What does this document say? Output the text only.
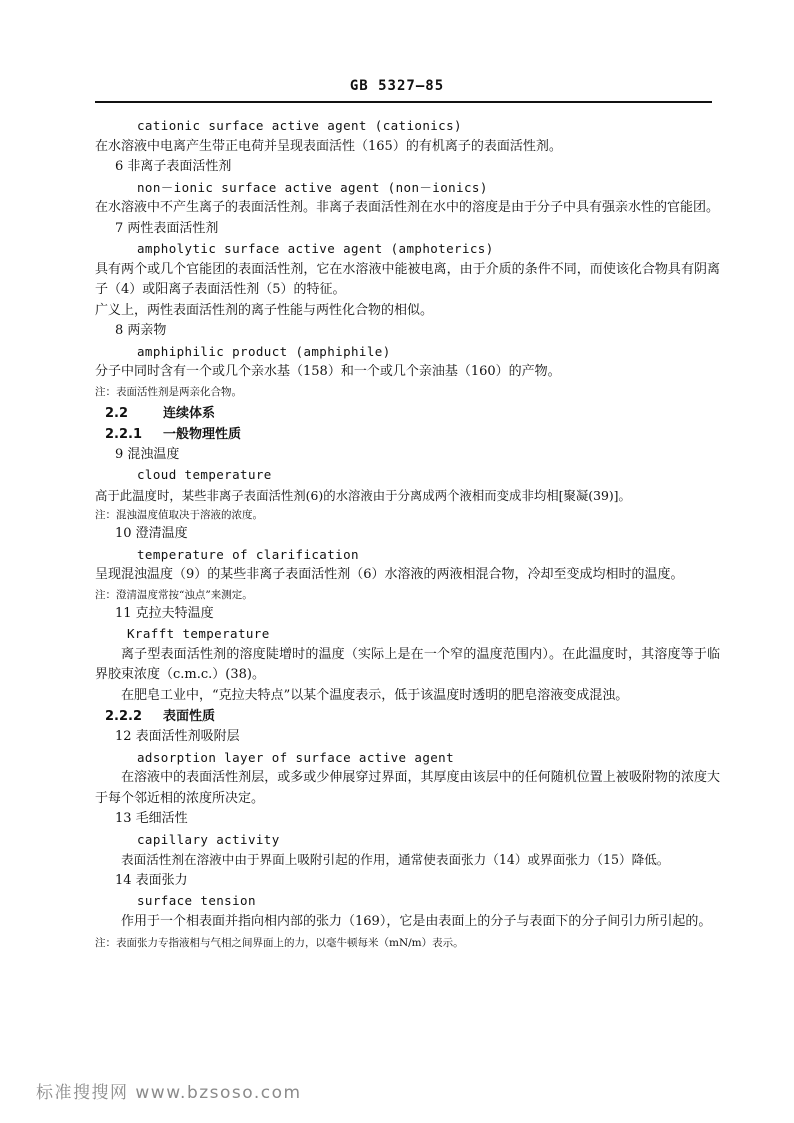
GB 5327—85
cationic surface active agent (cationics)
在水溶液中电离产生带正电荷并呈现表面活性（165）的有机离子的表面活性剂。
6 非离子表面活性剂
non－ionic surface active agent (non－ionics)
在水溶液中不产生离子的表面活性剂。非离子表面活性剂在水中的溶度是由于分子中具有强亲水性的官能团。
7 两性表面活性剂
ampholytic surface active agent (amphoterics)
具有两个或几个官能团的表面活性剂，它在水溶液中能被电离，由于介质的条件不同，而使该化合物具有阴离子（4）或阳离子表面活性剂（5）的特征。
广义上，两性表面活性剂的离子性能与两性化合物的相似。
8 两亲物
amphiphilic product (amphiphile)
分子中同时含有一个或几个亲水基（158）和一个或几个亲油基（160）的产物。
注：表面活性剂是两亲化合物。
2.2	连续体系
2.2.1 一般物理性质
9 混浊温度
cloud temperature
高于此温度时，某些非离子表面活性剂(6)的水溶液由于分离成两个液相而变成非均相[聚凝(39)]。
注：混浊温度值取决于溶液的浓度。
10 澄清温度
temperature of clarification
呈现混浊温度（9）的某些非离子表面活性剂（6）水溶液的两液相混合物，冷却至变成均相时的温度。
注：澄清温度常按“浊点”来测定。
11 克拉夫特温度
Krafft temperature
离子型表面活性剂的溶度陡增时的温度（实际上是在一个窄的温度范围内）。在此温度时，其溶度等于临界胶束浓度（c.m.c.）(38)。
在肥皂工业中，“克拉夫特点”以某个温度表示，低于该温度时透明的肥皂溶液变成混浊。
2.2.2 表面性质
12 表面活性剂吸附层
adsorption layer of surface active agent
在溶液中的表面活性剂层，或多或少伸展穿过界面，其厚度由该层中的任何随机位置上被吸附物的浓度大于每个邻近相的浓度所决定。
13 毛细活性
capillary activity
表面活性剂在溶液中由于界面上吸附引起的作用，通常使表面张力（14）或界面张力（15）降低。
14 表面张力
surface tension
作用于一个相表面并指向相内部的张力（169），它是由表面上的分子与表面下的分子间引力所引起的。
注：表面张力专指液相与气相之间界面上的力，以毫牛顿每米（mN/m）表示。
标准搜搜网 www.bzsoso.com
